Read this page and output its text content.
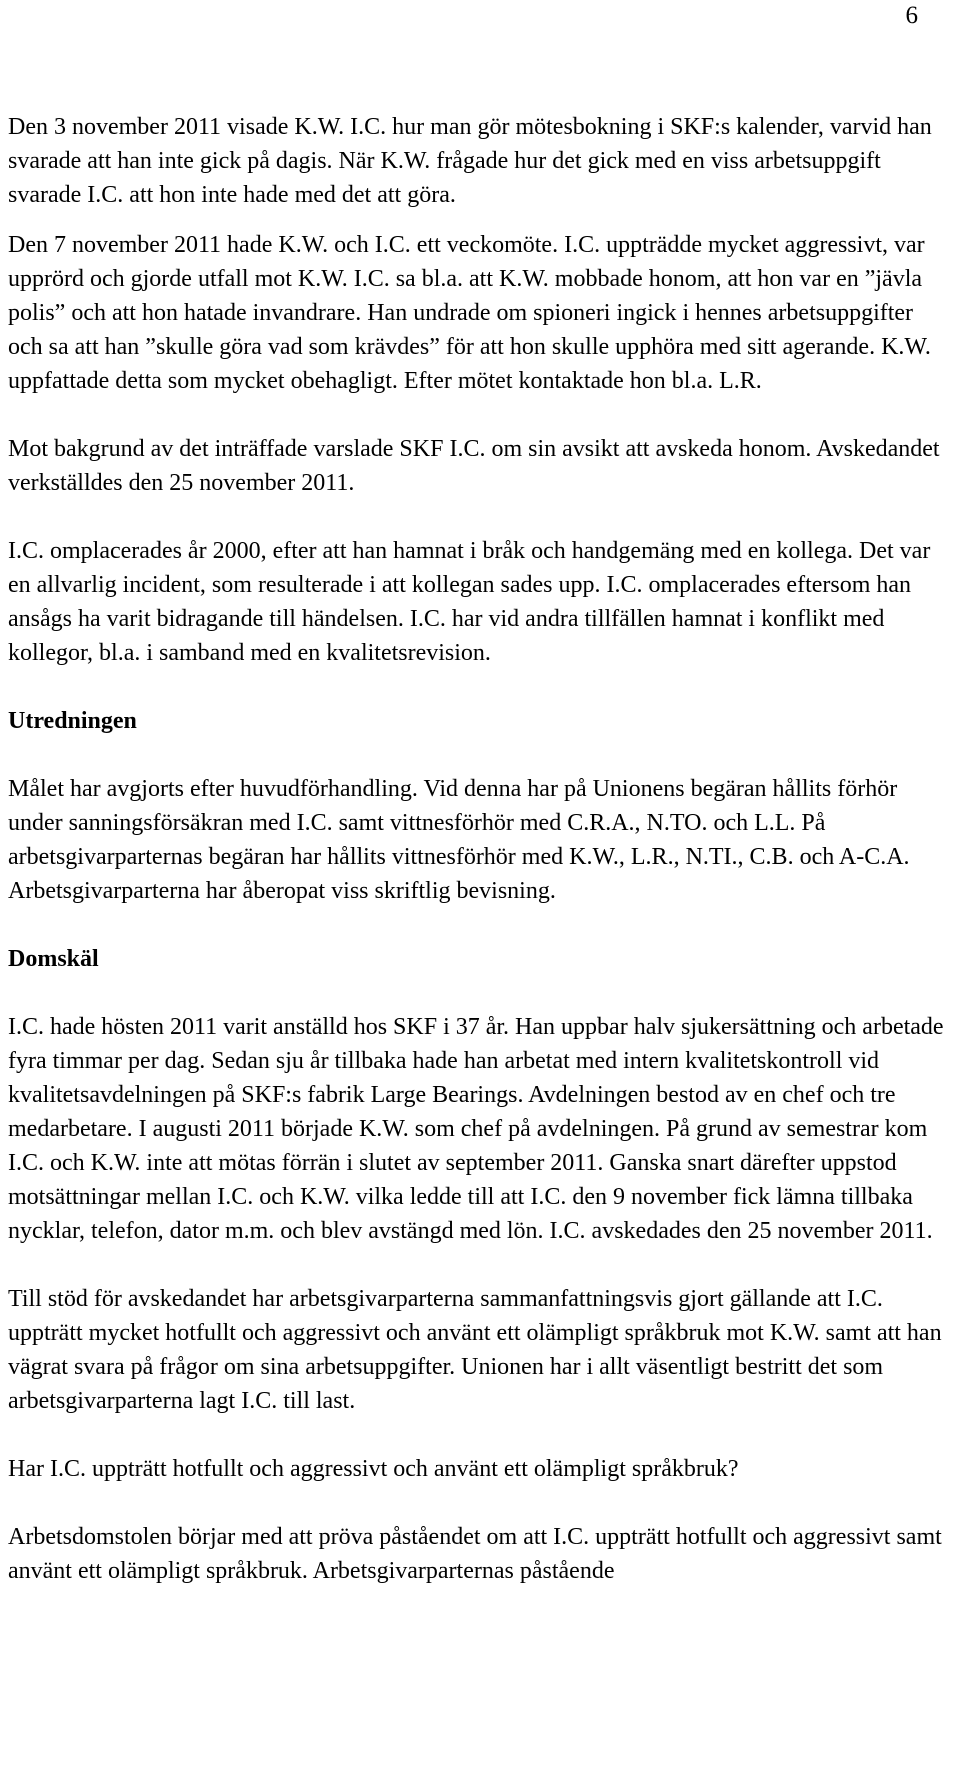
6

Den 3 november 2011 visade K.W. I.C. hur man gör mötesbokning i SKF:s kalender, varvid han svarade att han inte gick på dagis. När K.W. frågade hur det gick med en viss arbetsuppgift svarade I.C. att hon inte hade med det att göra.

Den 7 november 2011 hade K.W. och I.C. ett veckomöte. I.C. uppträdde mycket aggressivt, var upprörd och gjorde utfall mot K.W. I.C. sa bl.a. att K.W. mobbade honom, att hon var en ”jävla polis” och att hon hatade invandrare. Han undrade om spioneri ingick i hennes arbetsuppgifter och sa att han ”skulle göra vad som krävdes” för att hon skulle upphöra med sitt agerande. K.W. uppfattade detta som mycket obehagligt. Efter mötet kontaktade hon bl.a. L.R.

Mot bakgrund av det inträffade varslade SKF I.C. om sin avsikt att avskeda honom. Avskedandet verkställdes den 25 november 2011.

I.C. omplacerades år 2000, efter att han hamnat i bråk och handgemäng med en kollega. Det var en allvarlig incident, som resulterade i att kollegan sades upp. I.C. omplacerades eftersom han ansågs ha varit bidragande till händelsen. I.C. har vid andra tillfällen hamnat i konflikt med kollegor, bl.a. i samband med en kvalitetsrevision.

Utredningen

Målet har avgjorts efter huvudförhandling. Vid denna har på Unionens begäran hållits förhör under sanningsförsäkran med I.C. samt vittnesförhör med C.R.A., N.TO. och L.L. På arbetsgivarparternas begäran har hållits vittnesförhör med K.W., L.R., N.TI., C.B. och A-C.A. Arbetsgivarparterna har åberopat viss skriftlig bevisning.

Domskäl

I.C. hade hösten 2011 varit anställd hos SKF i 37 år. Han uppbar halv sjukersättning och arbetade fyra timmar per dag. Sedan sju år tillbaka hade han arbetat med intern kvalitetskontroll vid kvalitetsavdelningen på SKF:s fabrik Large Bearings. Avdelningen bestod av en chef och tre medarbetare. I augusti 2011 började K.W. som chef på avdelningen. På grund av semestrar kom I.C. och K.W. inte att mötas förrän i slutet av september 2011. Ganska snart därefter uppstod motsättningar mellan I.C. och K.W. vilka ledde till att I.C. den 9 november fick lämna tillbaka nycklar, telefon, dator m.m. och blev avstängd med lön. I.C. avskedades den 25 november 2011.

Till stöd för avskedandet har arbetsgivarparterna sammanfattningsvis gjort gällande att I.C. uppträtt mycket hotfullt och aggressivt och använt ett olämpligt språkbruk mot K.W. samt att han vägrat svara på frågor om sina arbetsuppgifter. Unionen har i allt väsentligt bestritt det som arbetsgivarparterna lagt I.C. till last.

Har I.C. uppträtt hotfullt och aggressivt och använt ett olämpligt språkbruk?

Arbetsdomstolen börjar med att pröva påståendet om att I.C. uppträtt hotfullt och aggressivt samt använt ett olämpligt språkbruk. Arbetsgivarparternas påstående
